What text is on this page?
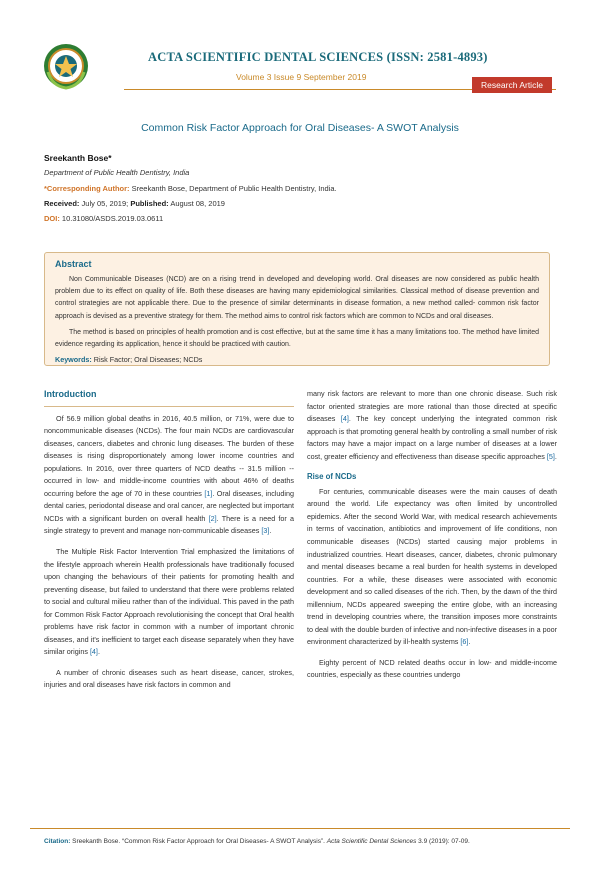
ACTA SCIENTIFIC DENTAL SCIENCES (ISSN: 2581-4893)
Volume 3 Issue 9 September 2019
Research Article
Common Risk Factor Approach for Oral Diseases- A SWOT Analysis
Sreekanth Bose*
Department of Public Health Dentistry, India
*Corresponding Author: Sreekanth Bose, Department of Public Health Dentistry, India.
Received: July 05, 2019; Published: August 08, 2019
DOI: 10.31080/ASDS.2019.03.0611
Abstract

Non Communicable Diseases (NCD) are on a rising trend in developed and developing world. Oral diseases are now considered as public health problem due to its effect on quality of life. Both these diseases are having many epidemiological similarities. Classical method of disease prevention and control strategies are not applicable there. Due to the presence of similar determinants in disease formation, a new method called- common risk factor approach is devised as a preventive strategy for them. The method aims to control risk factors which are common to NCDs and oral diseases.

The method is based on principles of health promotion and is cost effective, but at the same time it has a many limitations too. The method have limited evidence regarding its application, hence it should be practiced with caution.

Keywords: Risk Factor; Oral Diseases; NCDs
Introduction

Of 56.9 million global deaths in 2016, 40.5 million, or 71%, were due to noncommunicable diseases (NCDs). The four main NCDs are cardiovascular diseases, cancers, diabetes and chronic lung diseases. The burden of these diseases is rising disproportionately among lower income countries and populations. In 2016, over three quarters of NCD deaths -- 31.5 million -- occurred in low- and middle-income countries with about 46% of deaths occurring before the age of 70 in these countries [1]. Oral diseases, including dental caries, periodontal disease and oral cancer, are neglected but important NCDs with a significant burden on overall health [2]. There is a need for a single strategy to prevent and manage non-communicable diseases [3].

The Multiple Risk Factor Intervention Trial emphasized the limitations of the lifestyle approach wherein Health professionals have traditionally focused upon changing the behaviours of their patients for promoting health and preventing disease, but failed to understand that there were problems related to social and cultural milieu rather than of the individual. This paved in the path for Common Risk Factor Approach revolutionising the concept that Oral health problems have risk factor in common with a number of important chronic diseases, and it's inefficient to target each disease separately when they have similar origins [4].

A number of chronic diseases such as heart disease, cancer, strokes, injuries and oral diseases have risk factors in common and

many risk factors are relevant to more than one chronic disease. Such risk factor oriented strategies are more rational than those directed at specific diseases [4]. The key concept underlying the integrated common risk approach is that promoting general health by controlling a small number of risk factors may have a major impact on a large number of diseases at a lower cost, greater efficiency and effectiveness than disease specific approaches [5].

Rise of NCDs

For centuries, communicable diseases were the main causes of death around the world. Life expectancy was often limited by uncontrolled epidemics. After the second World War, with medical research achievements in terms of vaccination, antibiotics and improvement of life conditions, non communicable diseases (NCDs) started causing major problems in industrialized countries. Heart diseases, cancer, diabetes, chronic pulmonary and mental diseases became a real burden for health systems in developed countries. For a while, these diseases were associated with economic development and so called diseases of the rich. Then, by the dawn of the third millennium, NCDs appeared sweeping the entire globe, with an increasing trend in developing countries where, the transition imposes more constraints to deal with the double burden of infective and non-infective diseases in a poor environment characterized by ill-health systems [6].

Eighty percent of NCD related deaths occur in low- and middle-income countries, especially as these countries undergo

Citation: Sreekanth Bose. “Common Risk Factor Approach for Oral Diseases- A SWOT Analysis”. Acta Scientific Dental Sciences 3.9 (2019): 07-09.
